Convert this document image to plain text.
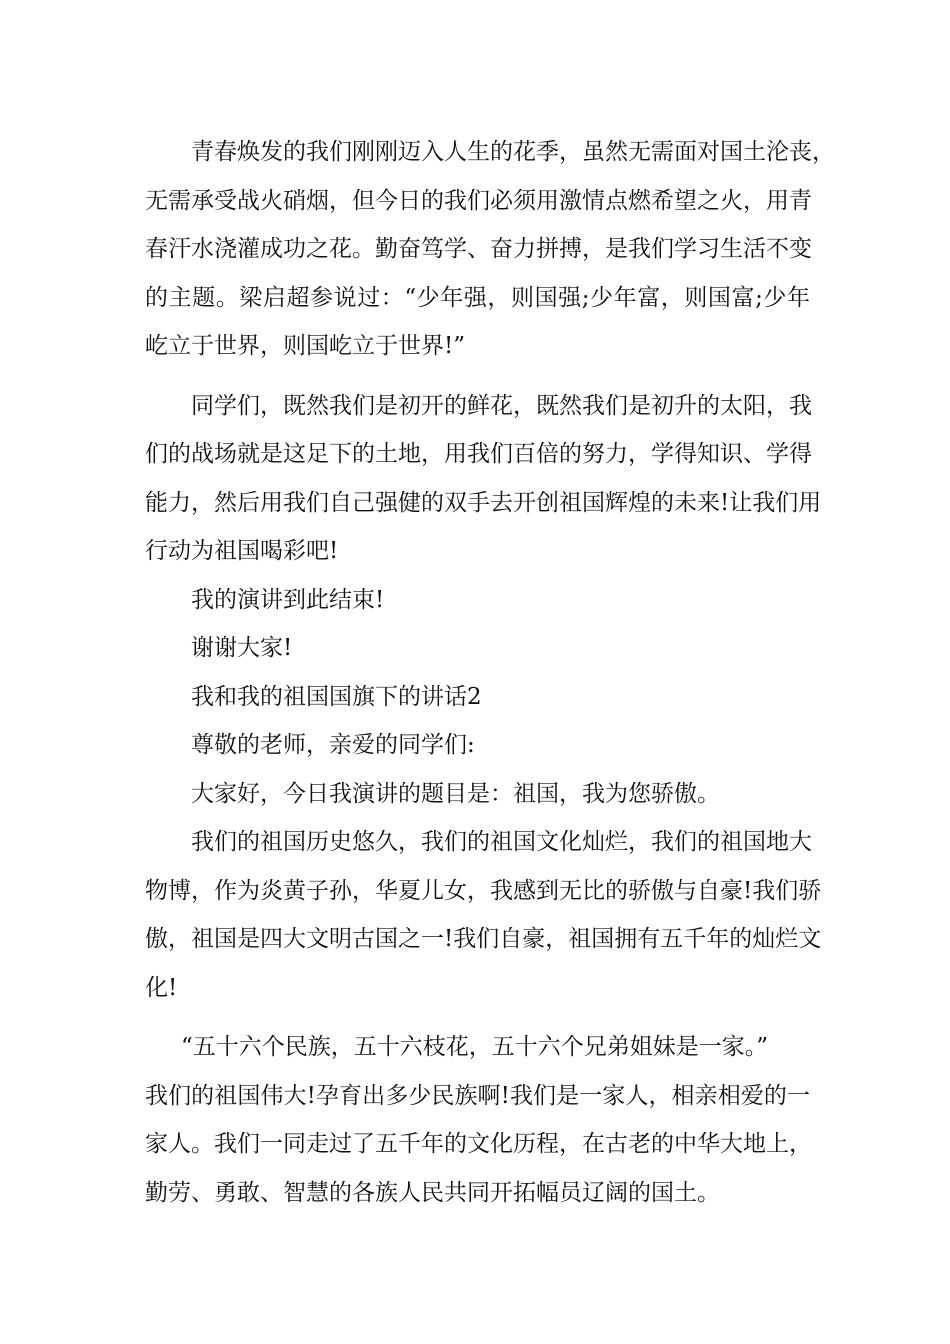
青春焕发的我们刚刚迈入人生的花季，虽然无需面对国土沦丧，
无需承受战火硝烟，但今日的我们必须用激情点燃希望之火，用青
春汗水浇灌成功之花。勤奋笃学、奋力拼搏，是我们学习生活不变
的主题。梁启超参说过：“少年强，则国强;少年富，则国富;少年
屹立于世界，则国屹立于世界!”
同学们，既然我们是初开的鲜花，既然我们是初升的太阳，我
们的战场就是这足下的土地，用我们百倍的努力，学得知识、学得
能力，然后用我们自己强健的双手去开创祖国辉煌的未来!让我们用
行动为祖国喝彩吧!
我的演讲到此结束!
谢谢大家!
我和我的祖国国旗下的讲话2
尊敬的老师，亲爱的同学们:
大家好，今日我演讲的题目是：祖国，我为您骄傲。
我们的祖国历史悠久，我们的祖国文化灿烂，我们的祖国地大
物博，作为炎黄子孙，华夏儿女，我感到无比的骄傲与自豪!我们骄
傲，祖国是四大文明古国之一!我们自豪，祖国拥有五千年的灿烂文
化!
“五十六个民族，五十六枝花，五十六个兄弟姐妹是一家。”
我们的祖国伟大!孕育出多少民族啊!我们是一家人，相亲相爱的一
家人。我们一同走过了五千年的文化历程，在古老的中华大地上，
勤劳、勇敢、智慧的各族人民共同开拓幅员辽阔的国土。
